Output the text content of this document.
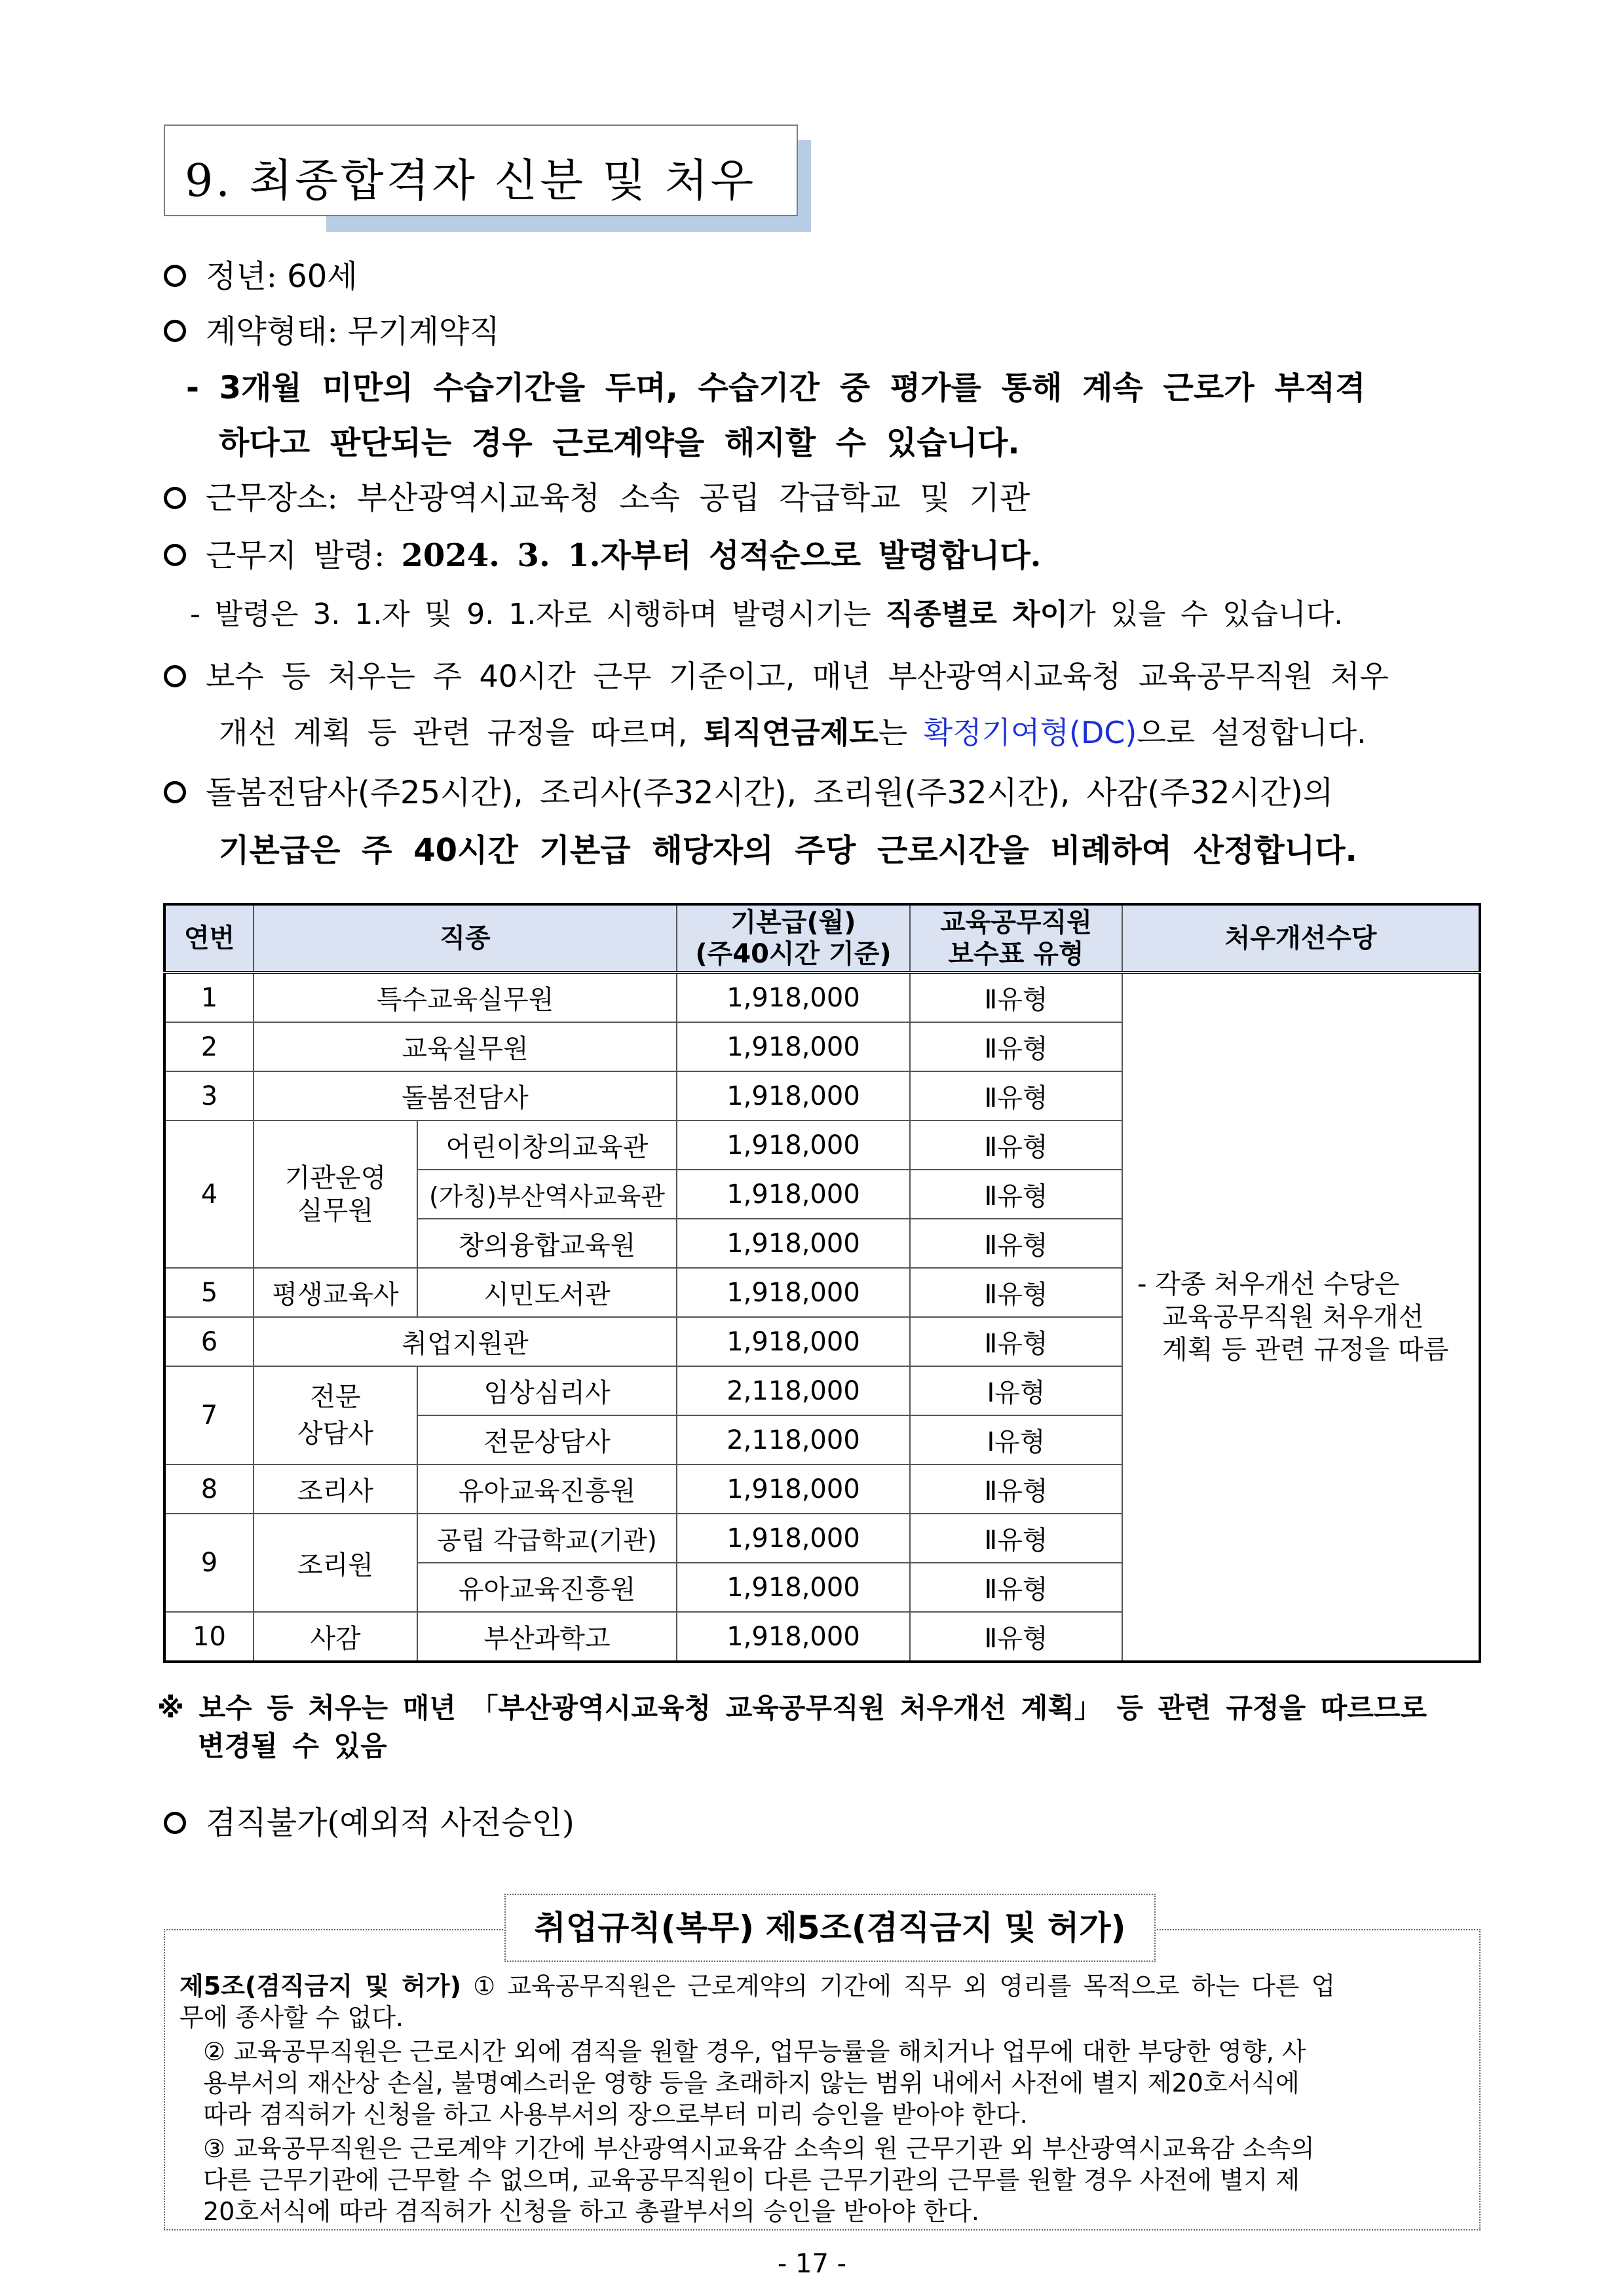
9. 최종합격자 신분 및 처우
정년: 60세
계약형태: 무기계약직
- 3개월 미만의 수습기간을 두며, 수습기간 중 평가를 통해 계속 근로가 부적격
하다고 판단되는 경우 근로계약을 해지할 수 있습니다.
근무장소: 부산광역시교육청 소속 공립 각급학교 및 기관
근무지 발령: 2024. 3. 1.자부터 성적순으로 발령합니다.
- 발령은 3. 1.자 및 9. 1.자로 시행하며 발령시기는 직종별로 차이가 있을 수 있습니다.
보수 등 처우는 주 40시간 근무 기준이고, 매년 부산광역시교육청 교육공무직원 처우
개선 계획 등 관련 규정을 따르며, 퇴직연금제도는 확정기여형(DC)으로 설정합니다.
돌봄전담사(주25시간), 조리사(주32시간), 조리원(주32시간), 사감(주32시간)의
기본급은 주 40시간 기본급 해당자의 주당 근로시간을 비례하여 산정합니다.
연번	직종		기본급(월)
(주40시간 기준)	교육공무직원
보수표 유형	처우개선수당
1	특수교육실무원		1,918,000	Ⅱ유형	- 각종 처우개선 수당은
교육공무직원 처우개선
계획 등 관련 규정을 따름
2	교육실무원		1,918,000	Ⅱ유형	
3	돌봄전담사		1,918,000	Ⅱ유형	
4	기관운영
실무원	어린이창의교육관	1,918,000	Ⅱ유형	
		(가칭)부산역사교육관	1,918,000	Ⅱ유형	
		창의융합교육원	1,918,000	Ⅱ유형	
5	평생교육사	시민도서관	1,918,000	Ⅱ유형	
6	취업지원관		1,918,000	Ⅱ유형	
7	전문
상담사	임상심리사	2,118,000	Ⅰ유형	
		전문상담사	2,118,000	Ⅰ유형	
8	조리사	유아교육진흥원	1,918,000	Ⅱ유형	
9	조리원	공립 각급학교(기관)	1,918,000	Ⅱ유형	
		유아교육진흥원	1,918,000	Ⅱ유형	
10	사감	부산과학고	1,918,000	Ⅱ유형	
※ 보수 등 처우는 매년 「부산광역시교육청 교육공무직원 처우개선 계획」 등 관련 규정을 따르므로
변경될 수 있음
겸직불가(예외적 사전승인)
제5조(겸직금지 및 허가) ① 교육공무직원은 근로계약의 기간에 직무 외 영리를 목적으로 하는 다른 업
무에 종사할 수 없다.
② 교육공무직원은 근로시간 외에 겸직을 원할 경우, 업무능률을 해치거나 업무에 대한 부당한 영향, 사
용부서의 재산상 손실, 불명예스러운 영향 등을 초래하지 않는 범위 내에서 사전에 별지 제20호서식에
따라 겸직허가 신청을 하고 사용부서의 장으로부터 미리 승인을 받아야 한다.
③ 교육공무직원은 근로계약 기간에 부산광역시교육감 소속의 원 근무기관 외 부산광역시교육감 소속의
다른 근무기관에 근무할 수 없으며, 교육공무직원이 다른 근무기관의 근무를 원할 경우 사전에 별지 제
20호서식에 따라 겸직허가 신청을 하고 총괄부서의 승인을 받아야 한다.
취업규칙(복무) 제5조(겸직금지 및 허가)
- 17 -
